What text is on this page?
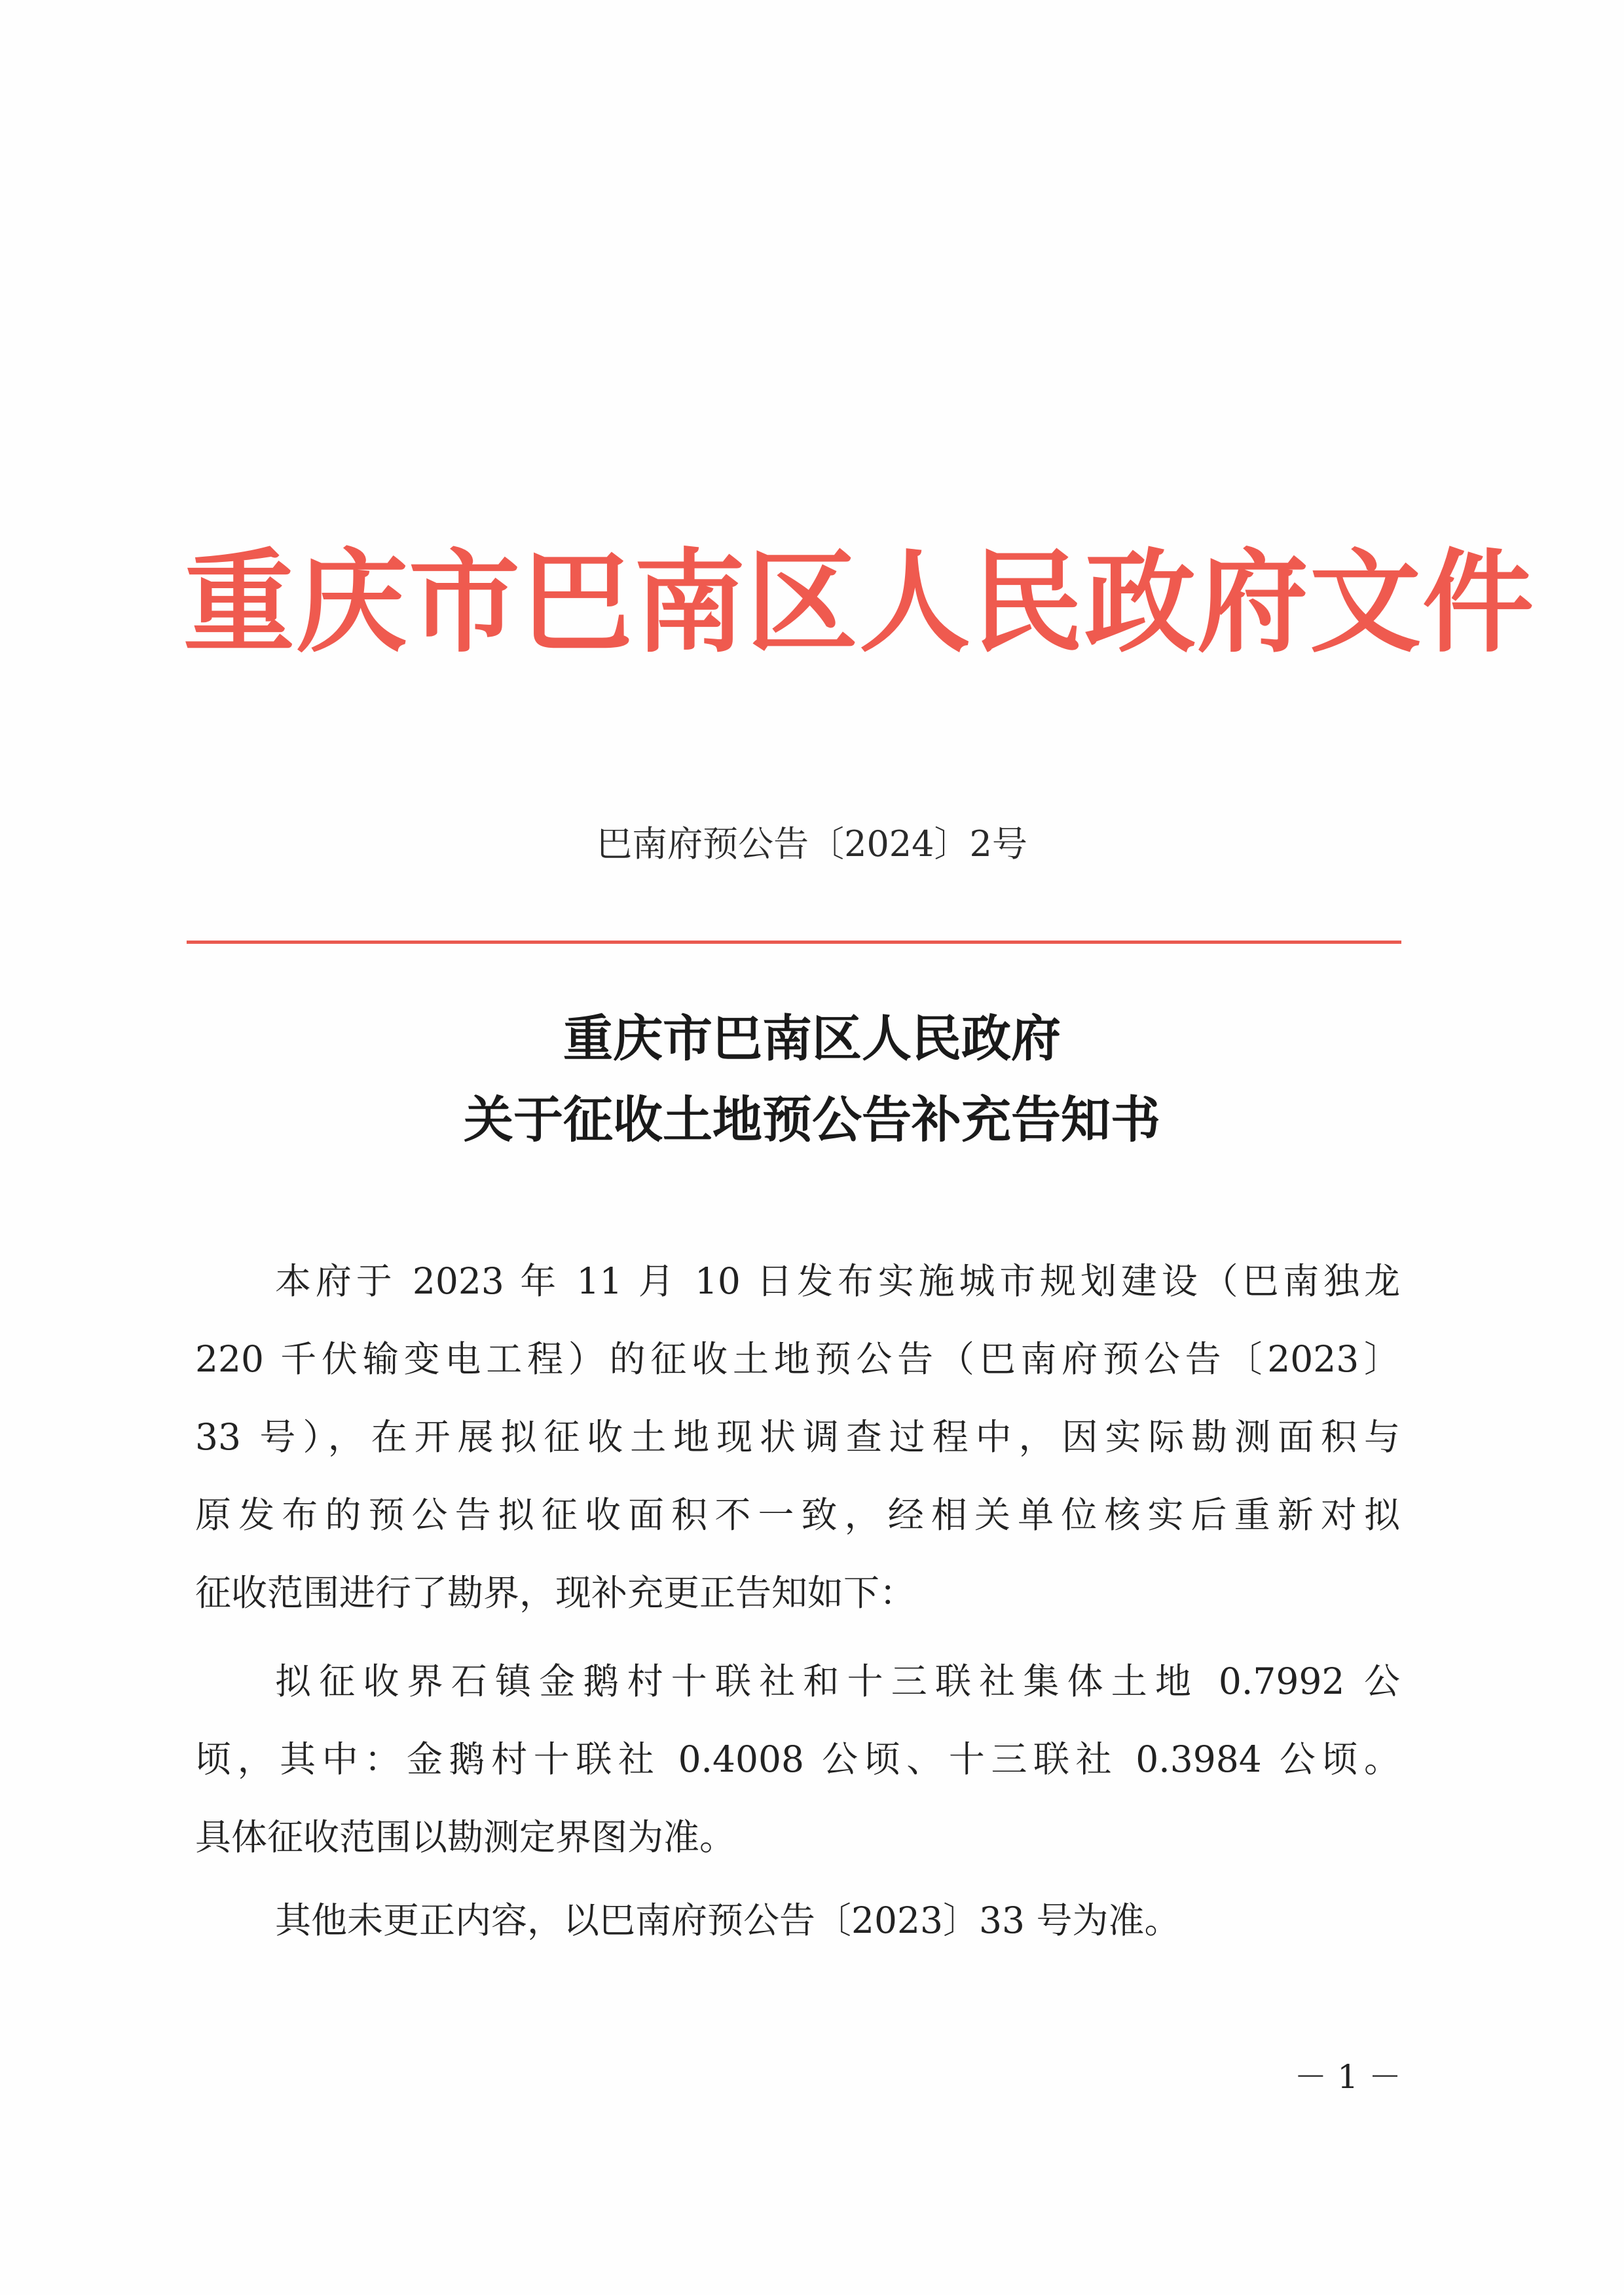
重庆市巴南区人民政府文件
巴南府预公告〔2024〕2号
重庆市巴南区人民政府
关于征收土地预公告补充告知书
本府于 2023 年 11 月 10 日发布实施城市规划建设（巴南独龙
220 千伏输变电工程）的征收土地预公告（巴南府预公告〔2023〕
33 号），在开展拟征收土地现状调查过程中，因实际勘测面积与
原发布的预公告拟征收面积不一致，经相关单位核实后重新对拟
征收范围进行了勘界，现补充更正告知如下：
拟征收界石镇金鹅村十联社和十三联社集体土地 0.7992 公
顷，其中：金鹅村十联社 0.4008 公顷、十三联社 0.3984 公顷。
具体征收范围以勘测定界图为准。
其他未更正内容，以巴南府预公告〔2023〕33 号为准。
－ 1 －
